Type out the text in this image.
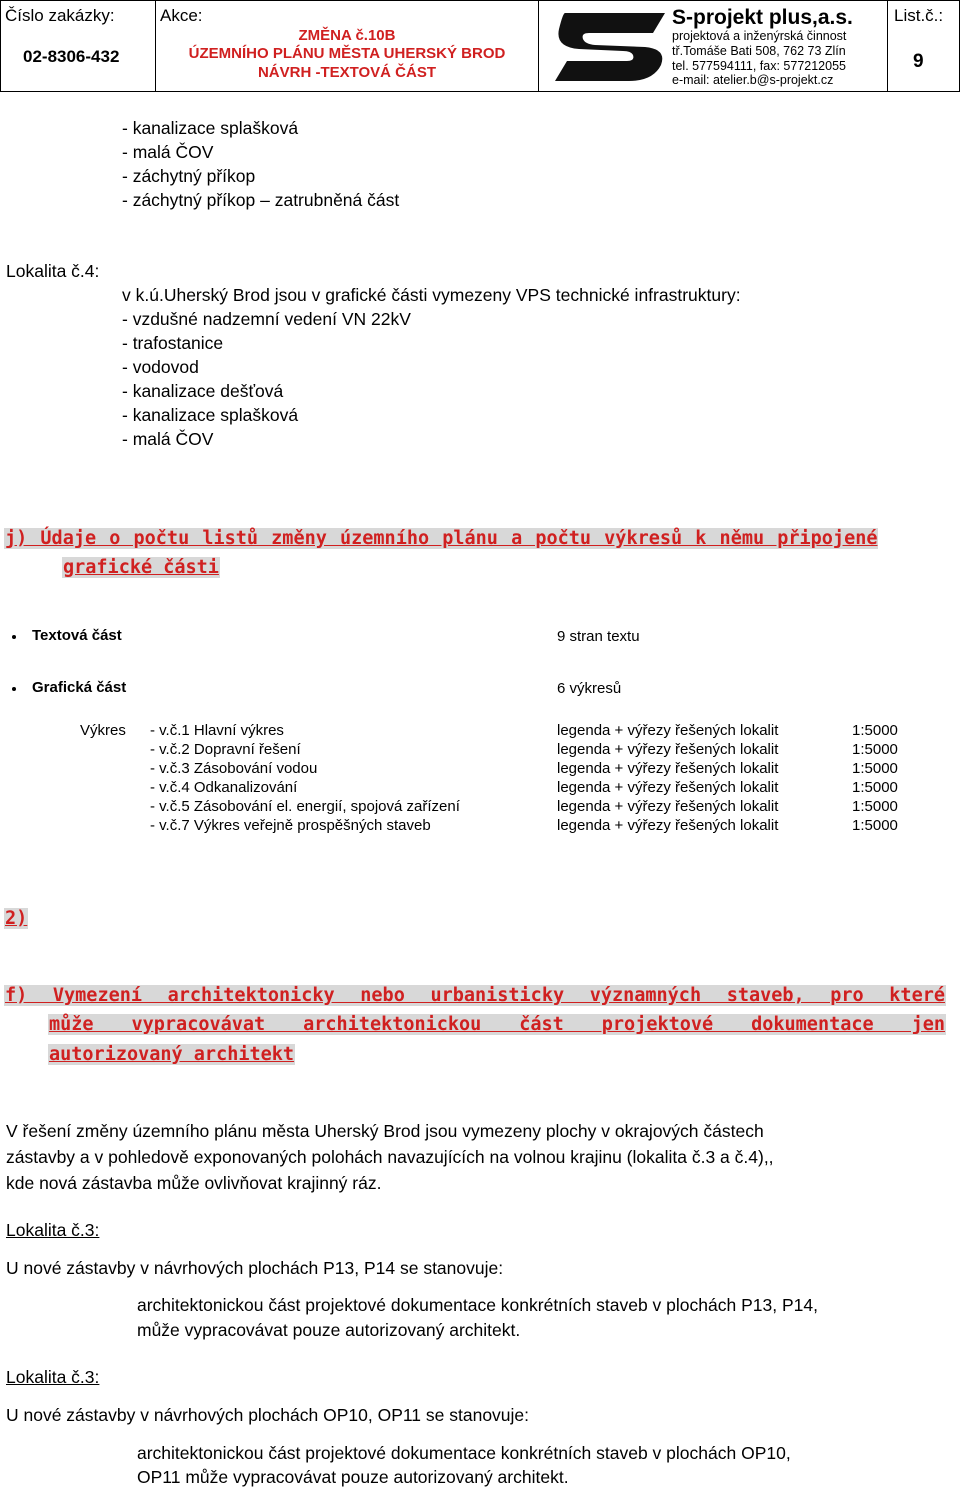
Číslo zakázky:
02-8306-432
Akce:
ZMĚNA č.10B
ÚZEMNÍHO PLÁNU MĚSTA UHERSKÝ BROD
NÁVRH -TEXTOVÁ ČÁST
S-projekt plus,a.s.
projektová a inženýrská činnost
tř.Tomáše Bati 508, 762 73 Zlín
tel. 577594111, fax: 577212055
e-mail: atelier.b@s-projekt.cz
List.č.:
9
- kanalizace splašková
- malá ČOV
- záchytný příkop
- záchytný příkop – zatrubněná část
Lokalita č.4:
v k.ú.Uherský Brod jsou v grafické části vymezeny VPS technické infrastruktury:
- vzdušné nadzemní vedení VN 22kV
- trafostanice
- vodovod
- kanalizace dešťová
- kanalizace splašková
- malá ČOV
j) Údaje o počtu listů změny územního plánu a počtu výkresů k němu připojené
grafické části
Textová část	9 stran textu
Grafická část	6 výkresů
Výkres - v.č.1 Hlavní výkres	legenda + výřezy řešených lokalit	1:5000
- v.č.2 Dopravní řešení	legenda + výřezy řešených lokalit	1:5000
- v.č.3 Zásobování vodou	legenda + výřezy řešených lokalit	1:5000
- v.č.4 Odkanalizování	legenda + výřezy řešených lokalit	1:5000
- v.č.5 Zásobování el. energií, spojová zařízení	legenda + výřezy řešených lokalit	1:5000
- v.č.7 Výkres veřejně prospěšných staveb	legenda + výřezy řešených lokalit	1:5000
2)
f) Vymezení architektonicky nebo urbanisticky významných staveb, pro které
může vypracovávat architektonickou část projektové dokumentace jen
autorizovaný architekt
V řešení změny územního plánu města Uherský Brod jsou vymezeny plochy v okrajových částech
zástavby a v pohledově exponovaných polohách navazujících na volnou krajinu (lokalita č.3 a č.4),,
kde nová zástavba může ovlivňovat krajinný ráz.
Lokalita č.3:
U nové zástavby v návrhových plochách P13, P14 se stanovuje:
architektonickou část projektové dokumentace konkrétních staveb v plochách P13, P14,
může vypracovávat pouze autorizovaný architekt.
Lokalita č.3:
U nové zástavby v návrhových plochách OP10, OP11 se stanovuje:
architektonickou část projektové dokumentace konkrétních staveb v plochách OP10,
OP11 může vypracovávat pouze autorizovaný architekt.
